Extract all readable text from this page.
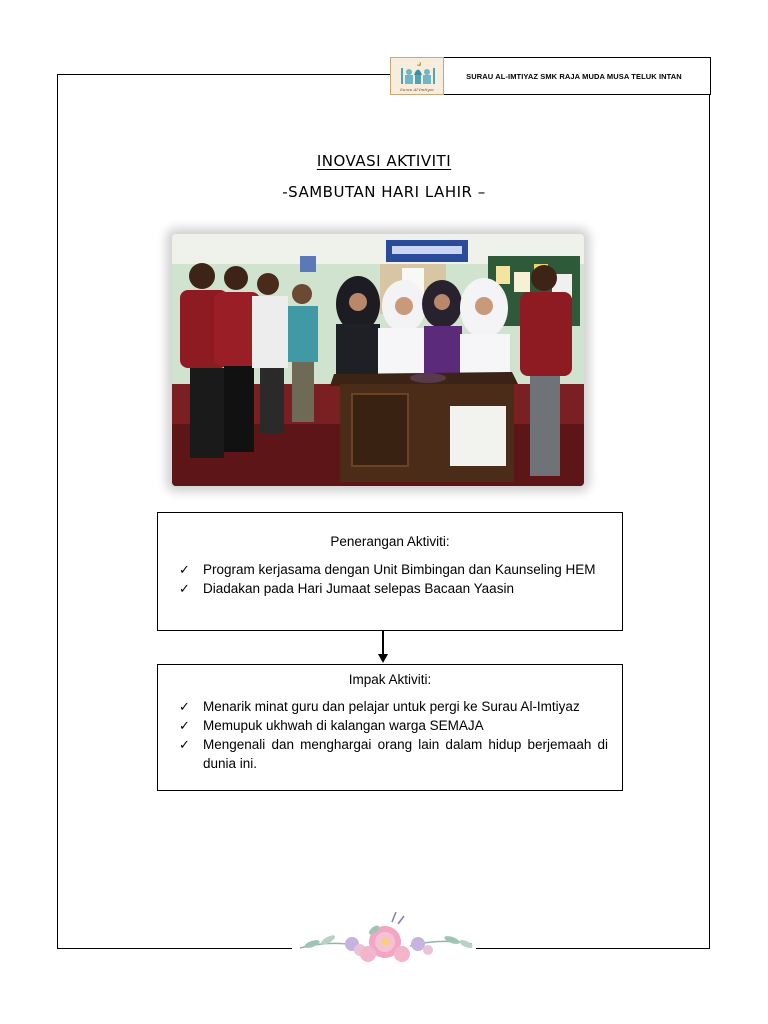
Surau Al-Imtiyaz
SURAU AL-IMTIYAZ SMK RAJA MUDA MUSA TELUK INTAN
INOVASI AKTIVITI
-SAMBUTAN HARI LAHIR –
Penerangan Aktiviti:
✓ Program kerjasama dengan Unit Bimbingan dan Kaunseling HEM
✓ Diadakan pada Hari Jumaat selepas Bacaan Yaasin
Impak Aktiviti:
✓ Menarik minat guru dan pelajar untuk pergi ke Surau Al-Imtiyaz
✓ Memupuk ukhwah di kalangan warga SEMAJA
✓ Mengenali dan menghargai orang lain dalam hidup berjemaah di dunia ini.
